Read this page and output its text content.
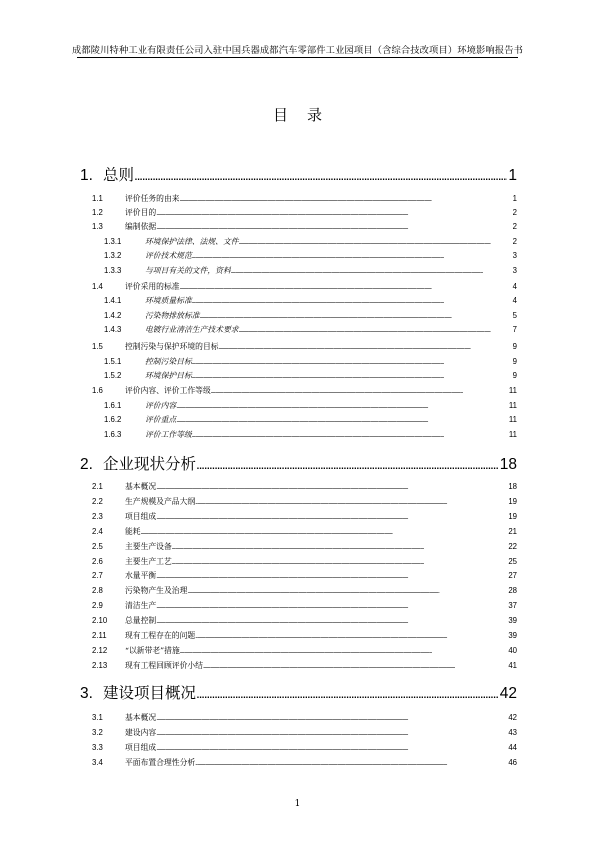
成都陵川特种工业有限责任公司入驻中国兵器成都汽车零部件工业园项目（含综合技改项目）环境影响报告书
目    录
1. 总则 . . .	1
1.1	评价任务的由来 . . .	1
1.2	评价目的 . . .	2
1.3	编制依据 . . .	2
1.3.1	环境保护法律、法规、文件 . . .	2
1.3.2	评价技术规范 . . .	3
1.3.3	与项目有关的文件，资料 . . .	3
1.4	评价采用的标准 . . .	4
1.4.1	环境质量标准 . . .	4
1.4.2	污染物排放标准 . . .	5
1.4.3	电镀行业清洁生产技术要求 . . .	7
1.5	控制污染与保护环境的目标 . . .	9
1.5.1	控制污染目标 . . .	9
1.5.2	环境保护目标 . . .	9
1.6	评价内容、评价工作等级 . . .	11
1.6.1	评价内容 . . .	11
1.6.2	评价重点 . . .	11
1.6.3	评价工作等级 . . .	11
2. 企业现状分析 . . .	18
2.1	基本概况 . . .	18
2.2	生产规模及产品大纲 . . .	19
2.3	项目组成 . . .	19
2.4	能耗 . . .	21
2.5	主要生产设备 . . .	22
2.6	主要生产工艺 . . .	25
2.7	水量平衡 . . .	27
2.8	污染物产生及治理 . . .	28
2.9	清洁生产 . . .	37
2.10	总量控制 . . .	39
2.11	现有工程存在的问题 . . .	39
2.12	“以新带老”措施 . . .	40
2.13	现有工程回顾评价小结 . . .	41
3. 建设项目概况 . . .	42
3.1	基本概况 . . .	42
3.2	建设内容 . . .	43
3.3	项目组成 . . .	44
3.4	平面布置合理性分析 . . .	46
1
